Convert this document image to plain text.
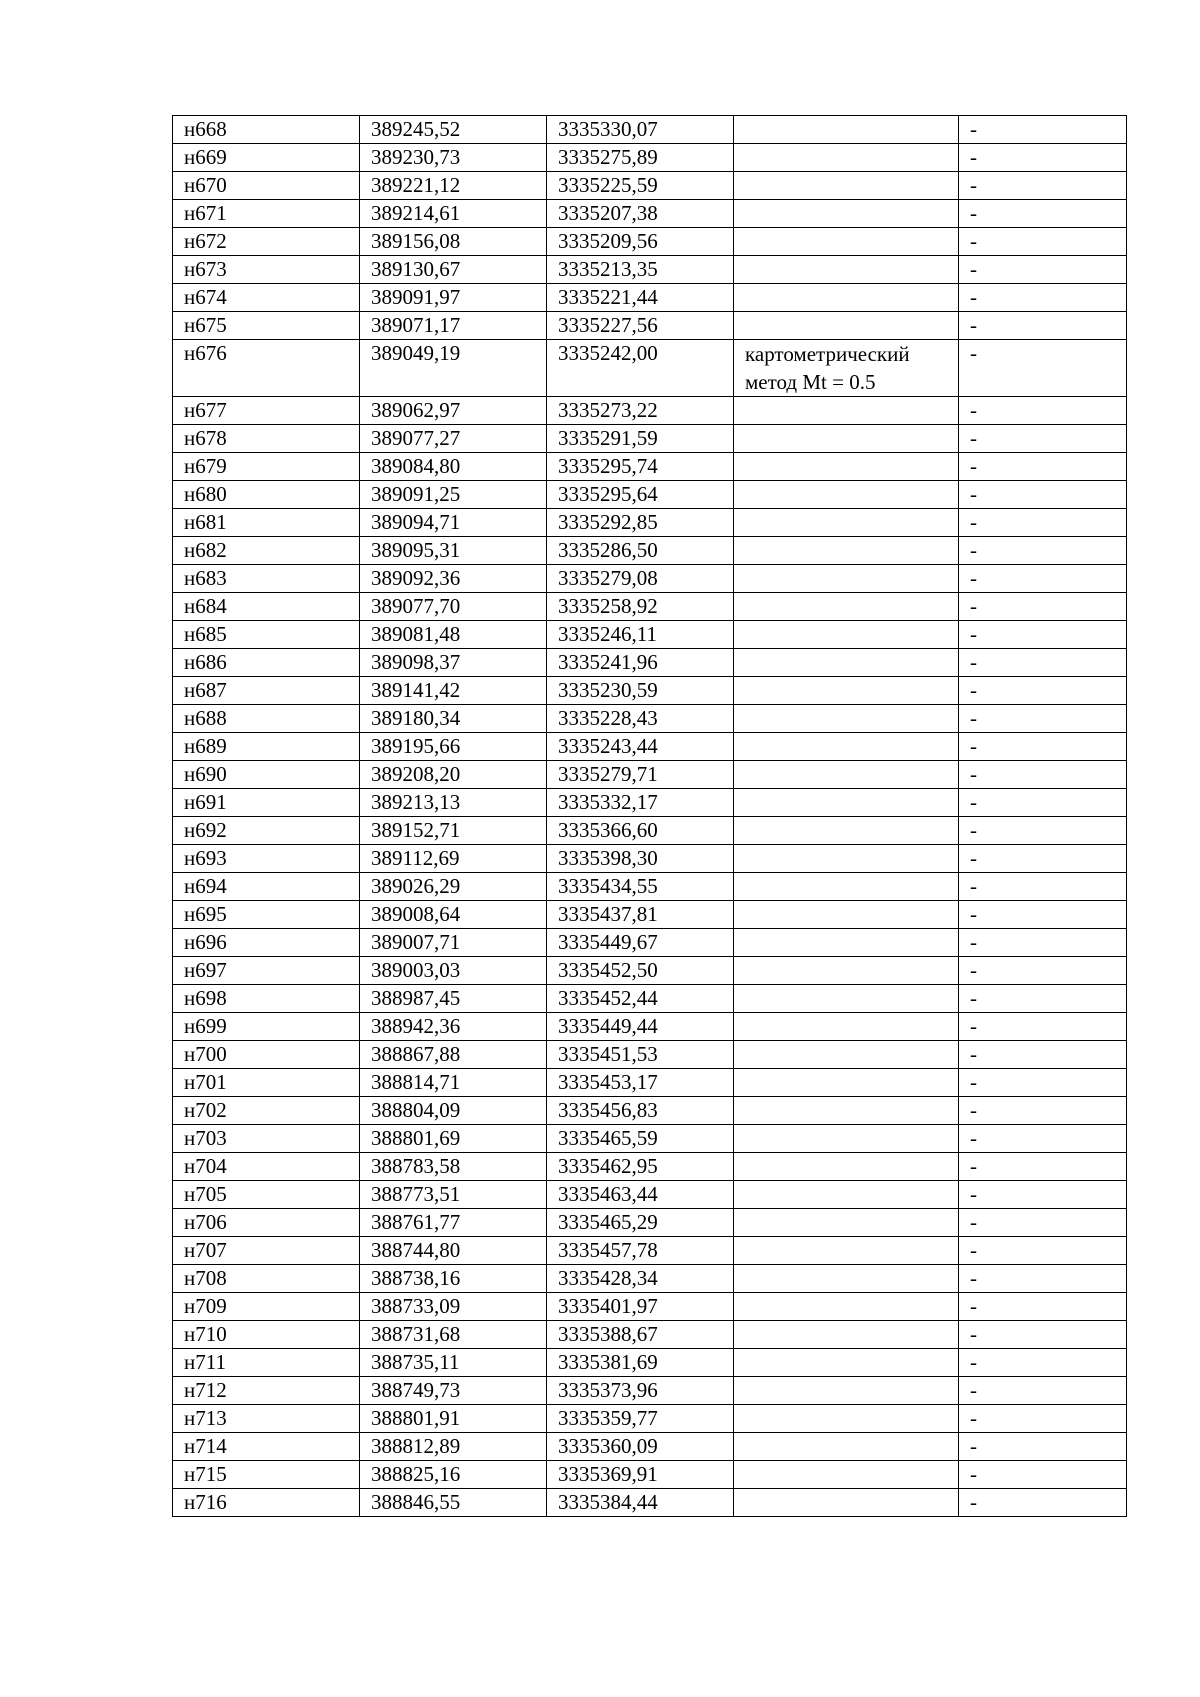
н668	389245,52	3335330,07		-
н669	389230,73	3335275,89		-
н670	389221,12	3335225,59		-
н671	389214,61	3335207,38		-
н672	389156,08	3335209,56		-
н673	389130,67	3335213,35		-
н674	389091,97	3335221,44		-
н675	389071,17	3335227,56		-
н676	389049,19	3335242,00	картометрический метод Mt = 0.5	-
н677	389062,97	3335273,22		-
н678	389077,27	3335291,59		-
н679	389084,80	3335295,74		-
н680	389091,25	3335295,64		-
н681	389094,71	3335292,85		-
н682	389095,31	3335286,50		-
н683	389092,36	3335279,08		-
н684	389077,70	3335258,92		-
н685	389081,48	3335246,11		-
н686	389098,37	3335241,96		-
н687	389141,42	3335230,59		-
н688	389180,34	3335228,43		-
н689	389195,66	3335243,44		-
н690	389208,20	3335279,71		-
н691	389213,13	3335332,17		-
н692	389152,71	3335366,60		-
н693	389112,69	3335398,30		-
н694	389026,29	3335434,55		-
н695	389008,64	3335437,81		-
н696	389007,71	3335449,67		-
н697	389003,03	3335452,50		-
н698	388987,45	3335452,44		-
н699	388942,36	3335449,44		-
н700	388867,88	3335451,53		-
н701	388814,71	3335453,17		-
н702	388804,09	3335456,83		-
н703	388801,69	3335465,59		-
н704	388783,58	3335462,95		-
н705	388773,51	3335463,44		-
н706	388761,77	3335465,29		-
н707	388744,80	3335457,78		-
н708	388738,16	3335428,34		-
н709	388733,09	3335401,97		-
н710	388731,68	3335388,67		-
н711	388735,11	3335381,69		-
н712	388749,73	3335373,96		-
н713	388801,91	3335359,77		-
н714	388812,89	3335360,09		-
н715	388825,16	3335369,91		-
н716	388846,55	3335384,44		-
